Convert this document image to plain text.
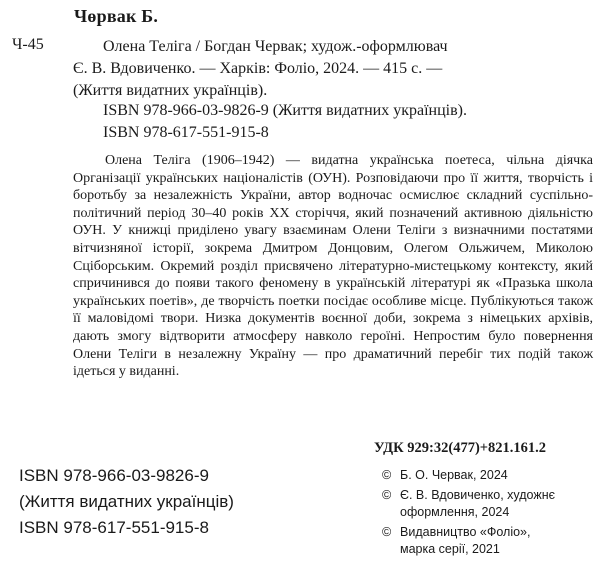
Чөрвак Б.
Ч-45	Олена Теліга / Богдан Червак; худож.-оформлювач
Є. В. Вдовиченко. — Харків: Фоліо, 2024. — 415 с. —
(Життя видатних українців).
ISBN 978-966-03-9826-9 (Життя видатних українців).
ISBN 978-617-551-915-8
Олена Теліга (1906–1942) — видатна українська поетеса, чільна діячка Організації українських націоналістів (ОУН). Розповідаючи про її життя, творчість і боротьбу за незалежність України, автор водночас осмислює складний суспільно-політичний період 30–40 років ХХ сторіччя, який позначений активною діяльністю ОУН. У книжці приділено увагу взаєминам Олени Теліги з визначними постатями вітчизняної історії, зокрема Дмитром Донцовим, Олегом Ольжичем, Миколою Сціборським. Окремий розділ присвячено літературно-мистецькому контексту, який спричинився до появи такого феномену в українській літературі як «Празька школа українських поетів», де творчість поетки посідає особливе місце. Публікуються також її маловідомі твори. Низка документів воєнної доби, зокрема з німецьких архівів, дають змогу відтворити атмосферу навколо героїні. Непростим було повернення Олени Теліги в незалежну Україну — про драматичний перебіг тих подій також ідеться у виданні.
УДК 929:32(477)+821.161.2
ISBN 978-966-03-9826-9
(Життя видатних українців)
ISBN 978-617-551-915-8
© Б. О. Червак, 2024
© Є. В. Вдовиченко, художнє
оформлення, 2024
© Видавництво «Фоліо»,
марка серії, 2021
